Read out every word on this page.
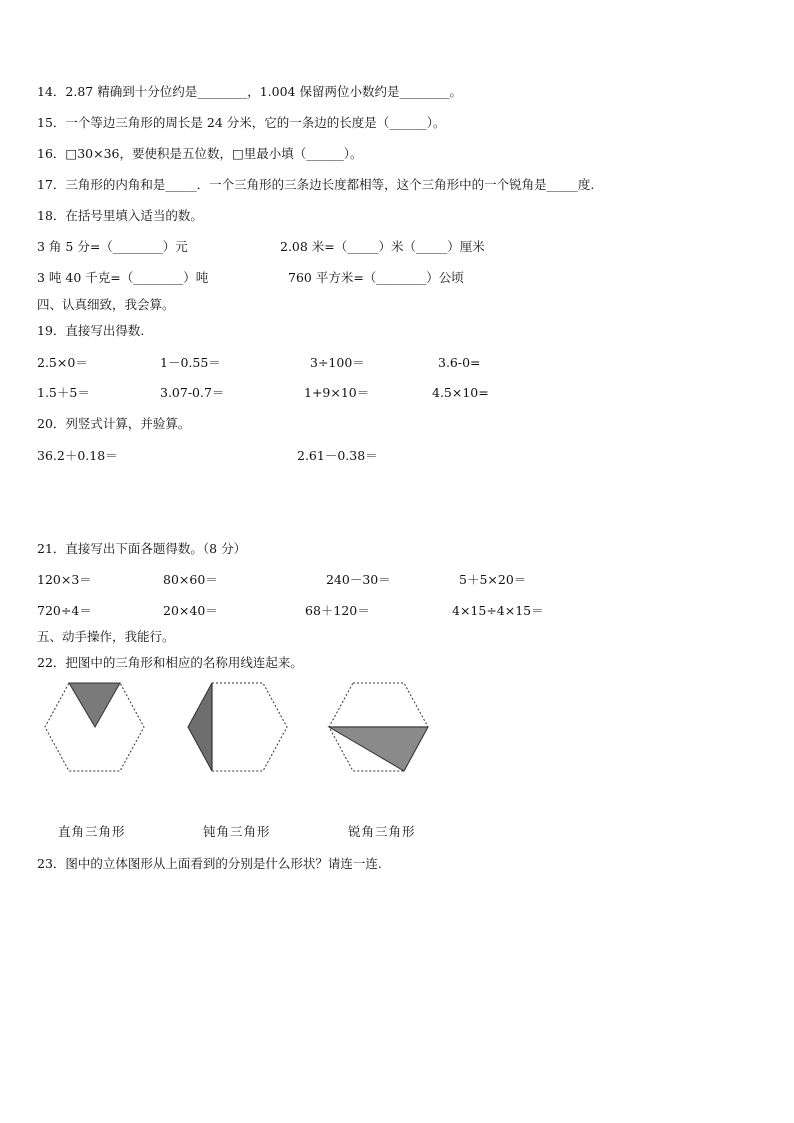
14．2.87 精确到十分位约是________，1.004 保留两位小数约是________。
15．一个等边三角形的周长是 24 分米，它的一条边的长度是（______）。
16．□30×36，要使积是五位数，□里最小填（______）。
17．三角形的内角和是_____．一个三角形的三条边长度都相等，这个三角形中的一个锐角是_____度.
18．在括号里填入适当的数。
3 角 5 分=（________）元	2.08 米=（_____）米（_____）厘米
3 吨 40 千克=（________）吨	760 平方米=（________）公顷
四、认真细致，我会算。
19．直接写出得数.
2.5×0＝	1－0.55＝	3÷100＝	3.6-0=
1.5＋5＝	3.07-0.7＝	1+9×10＝	4.5×10=
20．列竖式计算，并验算。
36.2＋0.18＝	2.61－0.38＝
21．直接写出下面各题得数。（8 分）
120×3＝	80×60＝	240－30＝	5＋5×20＝
720÷4＝	20×40＝	68＋120＝	4×15÷4×15＝
五、动手操作，我能行。
22．把图中的三角形和相应的名称用线连起来。
直角三角形	钝角三角形	锐角三角形
23．图中的立体图形从上面看到的分别是什么形状？请连一连.
